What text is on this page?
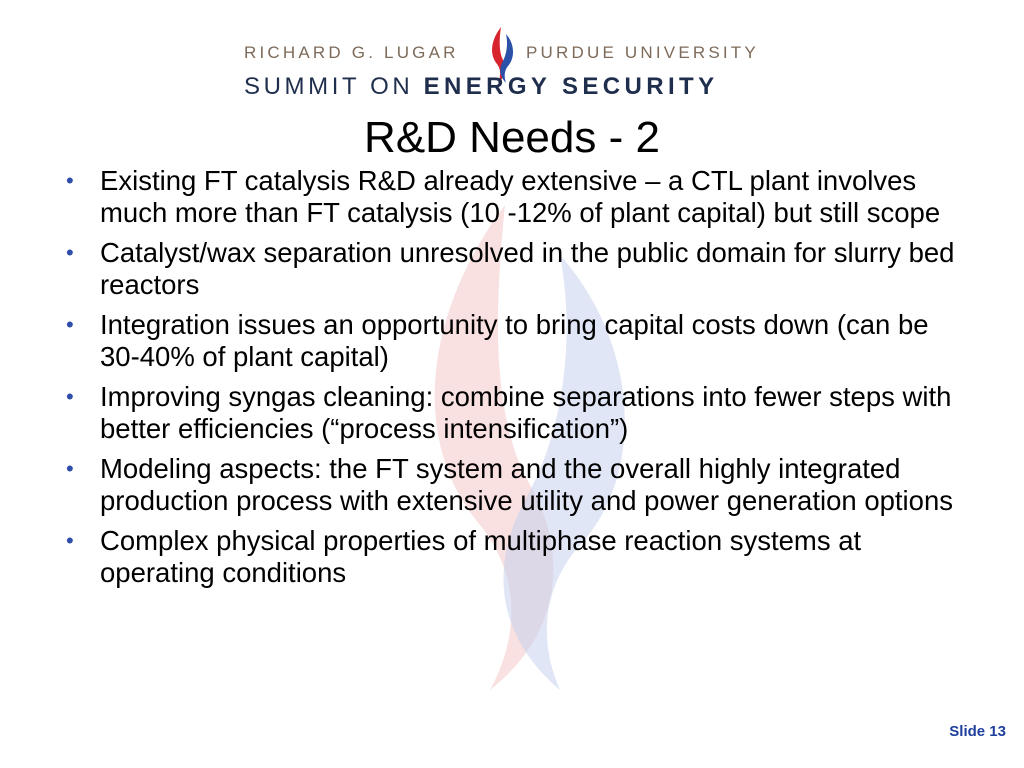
RICHARD G. LUGAR	PURDUE UNIVERSITY
SUMMIT ON ENERGY SECURITY
R&D Needs - 2
• Existing FT catalysis R&D already extensive – a CTL plant involves much more than FT catalysis (10 -12% of plant capital) but still scope
• Catalyst/wax separation unresolved in the public domain for slurry bed reactors
• Integration issues an opportunity to bring capital costs down (can be 30-40% of plant capital)
• Improving syngas cleaning: combine separations into fewer steps with better efficiencies (“process intensification”)
• Modeling aspects: the FT system and the overall highly integrated production process with extensive utility and power generation options
• Complex physical properties of multiphase reaction systems at operating conditions
Slide 13
